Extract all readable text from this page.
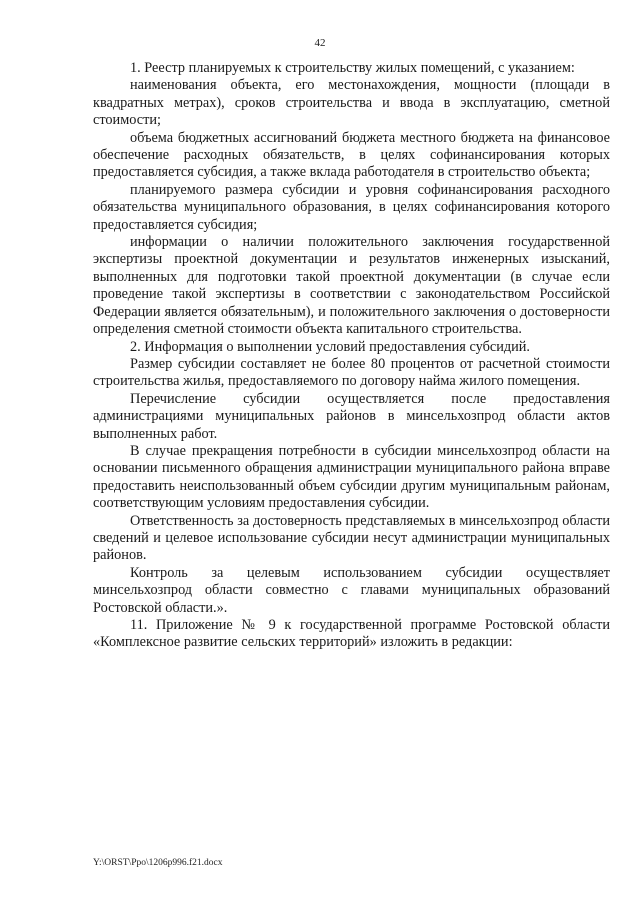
42

1. Реестр планируемых к строительству жилых помещений, с указанием:

наименования объекта, его местонахождения, мощности (площади в квадратных метрах), сроков строительства и ввода в эксплуатацию, сметной стоимости;

объема бюджетных ассигнований бюджета местного бюджета на финансовое обеспечение расходных обязательств, в целях софинансирования которых предоставляется субсидия, а также вклада работодателя в строительство объекта;

планируемого размера субсидии и уровня софинансирования расходного обязательства муниципального образования, в целях софинансирования которого предоставляется субсидия;

информации о наличии положительного заключения государственной экспертизы проектной документации и результатов инженерных изысканий, выполненных для подготовки такой проектной документации (в случае если проведение такой экспертизы в соответствии с законодательством Российской Федерации является обязательным), и положительного заключения о достоверности определения сметной стоимости объекта капитального строительства.

2. Информация о выполнении условий предоставления субсидий.

Размер субсидии составляет не более 80 процентов от расчетной стоимости строительства жилья, предоставляемого по договору найма жилого помещения.

Перечисление субсидии осуществляется после предоставления администрациями муниципальных районов в минсельхозпрод области актов выполненных работ.

В случае прекращения потребности в субсидии минсельхозпрод области на основании письменного обращения администрации муниципального района вправе предоставить неиспользованный объем субсидии другим муниципальным районам, соответствующим условиям предоставления субсидии.

Ответственность за достоверность представляемых в минсельхозпрод области сведений и целевое использование субсидии несут администрации муниципальных районов.

Контроль за целевым использованием субсидии осуществляет минсельхозпрод области совместно с главами муниципальных образований Ростовской области.».

11. Приложение № 9 к государственной программе Ростовской области «Комплексное развитие сельских территорий» изложить в редакции:

Y:\ORST\Ppo\1206p996.f21.docx
